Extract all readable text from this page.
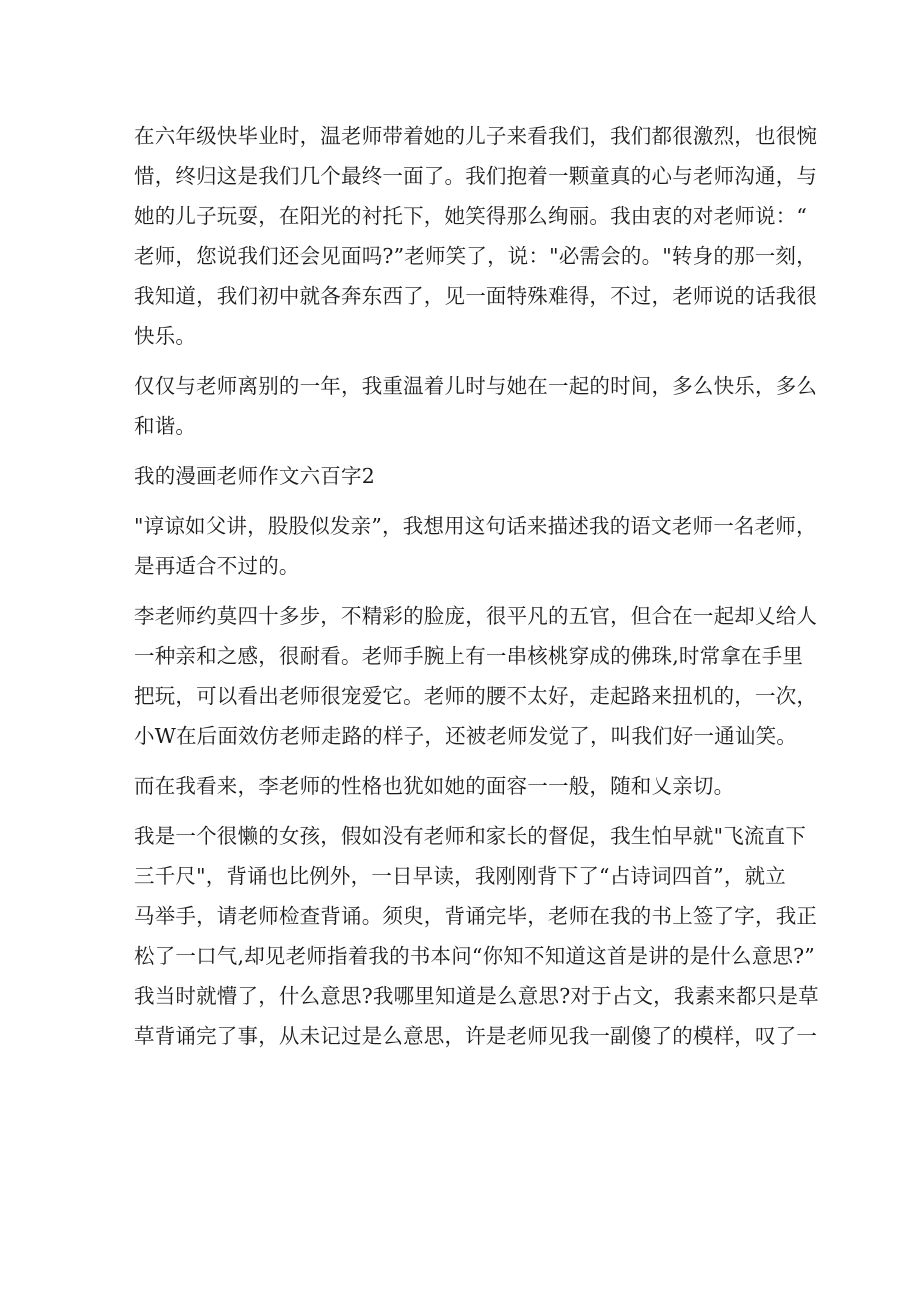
在六年级快毕业时，温老师带着她的儿子来看我们，我们都很激烈，也很惋
惜，终归这是我们几个最终一面了。我们抱着一颗童真的心与老师沟通，与
她的儿子玩耍，在阳光的衬托下，她笑得那么绚丽。我由衷的对老师说：“
老师，您说我们还会见面吗?”老师笑了，说："必需会的。"转身的那一刻，
我知道，我们初中就各奔东西了，见一面特殊难得，不过，老师说的话我很
快乐。
仅仅与老师离别的一年，我重温着儿时与她在一起的时间，多么快乐，多么
和谐。
我的漫画老师作文六百字2
"谆谅如父讲，股股似发亲”，我想用这句话来描述我的语文老师一名老师，
是再适合不过的。
李老师约莫四十多步，不精彩的脸庞，很平凡的五官，但合在一起却乂给人
一种亲和之感，很耐看。老师手腕上有一串核桃穿成的佛珠,时常拿在手里
把玩，可以看出老师很宠爱它。老师的腰不太好，走起路来扭机的，一次，
小W在后面效仿老师走路的样子，还被老师发觉了，叫我们好一通讪笑。
而在我看来，李老师的性格也犹如她的面容一一般，随和乂亲切。
我是一个很懒的女孩，假如没有老师和家长的督促，我生怕早就"飞流直下
三千尺"，背诵也比例外，一日早读，我刚刚背下了“占诗词四首”，就立
马举手，请老师检查背诵。须臾，背诵完毕，老师在我的书上签了字，我正
松了一口气,却见老师指着我的书本问“你知不知道这首是讲的是什么意思?”
我当时就懵了，什么意思?我哪里知道是么意思?对于占文，我素来都只是草
草背诵完了事，从未记过是么意思，许是老师见我一副傻了的模样，叹了一
